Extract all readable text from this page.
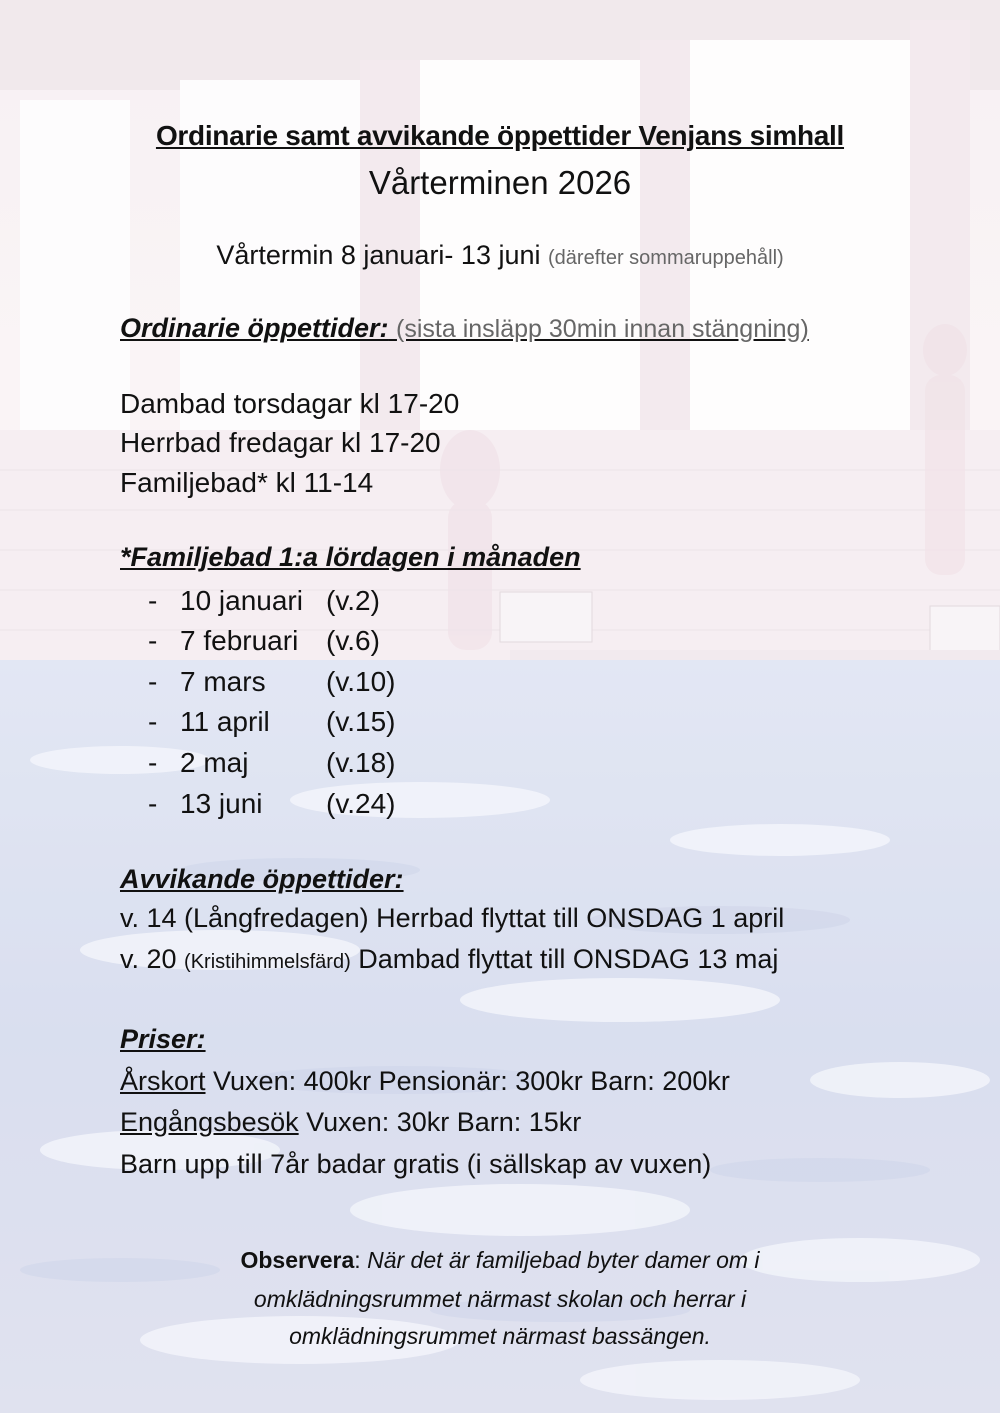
Ordinarie samt avvikande öppettider Venjans simhall
Vårterminen 2026
Vårtermin 8 januari- 13 juni (därefter sommaruppehåll)
Ordinarie öppettider: (sista insläpp 30min innan stängning)
Dambad torsdagar kl 17-20
Herrbad fredagar kl 17-20
Familjebad* kl 11-14
*Familjebad 1:a lördagen i månaden
- 10 januari (v.2)
- 7 februari (v.6)
- 7 mars (v.10)
- 11 april (v.15)
- 2 maj	(v.18)
- 13 juni (v.24)
Avvikande öppettider:
v. 14 (Långfredagen) Herrbad flyttat till ONSDAG 1 april
v. 20 (Kristihimmelsfärd) Dambad flyttat till ONSDAG 13 maj
Priser:
Årskort Vuxen: 400kr Pensionär: 300kr Barn: 200kr
Engångsbesök Vuxen: 30kr Barn: 15kr
Barn upp till 7år badar gratis (i sällskap av vuxen)
Observera: När det är familjebad byter damer om i
omklädningsrummet närmast skolan och herrar i
omklädningsrummet närmast bassängen.
